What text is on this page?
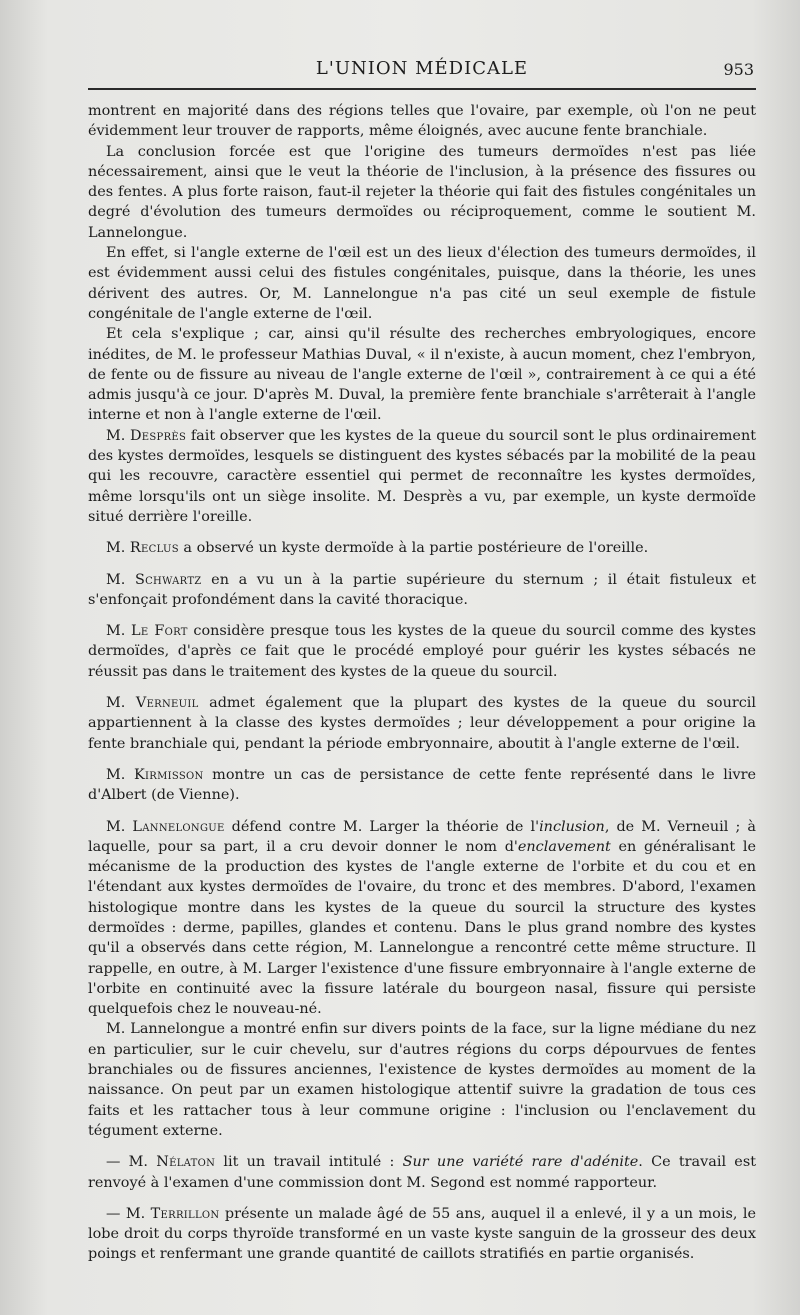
L'UNION MÉDICALE	953

montrent en majorité dans des régions telles que l'ovaire, par exemple, où l'on ne peut évidemment leur trouver de rapports, même éloignés, avec aucune fente branchiale.

La conclusion forcée est que l'origine des tumeurs dermoïdes n'est pas liée nécessairement, ainsi que le veut la théorie de l'inclusion, à la présence des fissures ou des fentes. A plus forte raison, faut-il rejeter la théorie qui fait des fistules congénitales un degré d'évolution des tumeurs dermoïdes ou réciproquement, comme le soutient M. Lannelongue.

En effet, si l'angle externe de l'œil est un des lieux d'élection des tumeurs dermoïdes, il est évidemment aussi celui des fistules congénitales, puisque, dans la théorie, les unes dérivent des autres. Or, M. Lannelongue n'a pas cité un seul exemple de fistule congénitale de l'angle externe de l'œil.

Et cela s'explique ; car, ainsi qu'il résulte des recherches embryologiques, encore inédites, de M. le professeur Mathias Duval, « il n'existe, à aucun moment, chez l'embryon, de fente ou de fissure au niveau de l'angle externe de l'œil », contrairement à ce qui a été admis jusqu'à ce jour. D'après M. Duval, la première fente branchiale s'arrêterait à l'angle interne et non à l'angle externe de l'œil.

M. Desprès fait observer que les kystes de la queue du sourcil sont le plus ordinairement des kystes dermoïdes, lesquels se distinguent des kystes sébacés par la mobilité de la peau qui les recouvre, caractère essentiel qui permet de reconnaître les kystes dermoïdes, même lorsqu'ils ont un siège insolite. M. Desprès a vu, par exemple, un kyste dermoïde situé derrière l'oreille.

M. Reclus a observé un kyste dermoïde à la partie postérieure de l'oreille.

M. Schwartz en a vu un à la partie supérieure du sternum ; il était fistuleux et s'enfonçait profondément dans la cavité thoracique.

M. Le Fort considère presque tous les kystes de la queue du sourcil comme des kystes dermoïdes, d'après ce fait que le procédé employé pour guérir les kystes sébacés ne réussit pas dans le traitement des kystes de la queue du sourcil.

M. Verneuil admet également que la plupart des kystes de la queue du sourcil appartiennent à la classe des kystes dermoïdes ; leur développement a pour origine la fente branchiale qui, pendant la période embryonnaire, aboutit à l'angle externe de l'œil.

M. Kirmisson montre un cas de persistance de cette fente représenté dans le livre d'Albert (de Vienne).

M. Lannelongue défend contre M. Larger la théorie de l'inclusion, de M. Verneuil ; à laquelle, pour sa part, il a cru devoir donner le nom d'enclavement en généralisant le mécanisme de la production des kystes de l'angle externe de l'orbite et du cou et en l'étendant aux kystes dermoïdes de l'ovaire, du tronc et des membres. D'abord, l'examen histologique montre dans les kystes de la queue du sourcil la structure des kystes dermoïdes : derme, papilles, glandes et contenu. Dans le plus grand nombre des kystes qu'il a observés dans cette région, M. Lannelongue a rencontré cette même structure. Il rappelle, en outre, à M. Larger l'existence d'une fissure embryonnaire à l'angle externe de l'orbite en continuité avec la fissure latérale du bourgeon nasal, fissure qui persiste quelquefois chez le nouveau-né.

M. Lannelongue a montré enfin sur divers points de la face, sur la ligne médiane du nez en particulier, sur le cuir chevelu, sur d'autres régions du corps dépourvues de fentes branchiales ou de fissures anciennes, l'existence de kystes dermoïdes au moment de la naissance. On peut par un examen histologique attentif suivre la gradation de tous ces faits et les rattacher tous à leur commune origine : l'inclusion ou l'enclavement du tégument externe.

— M. Nélaton lit un travail intitulé : Sur une variété rare d'adénite. Ce travail est renvoyé à l'examen d'une commission dont M. Segond est nommé rapporteur.

— M. Terrillon présente un malade âgé de 55 ans, auquel il a enlevé, il y a un mois, le lobe droit du corps thyroïde transformé en un vaste kyste sanguin de la grosseur des deux poings et renfermant une grande quantité de caillots stratifiés en partie organisés.
